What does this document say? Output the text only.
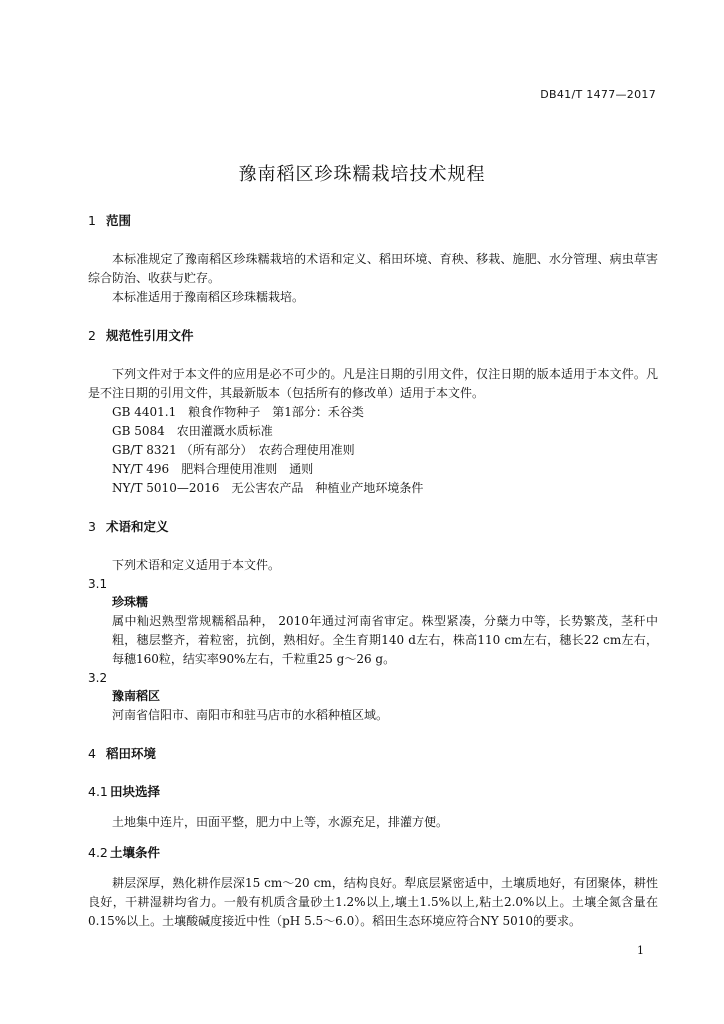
DB41/T 1477—2017
豫南稻区珍珠糯栽培技术规程
1 范围

本标准规定了豫南稻区珍珠糯栽培的术语和定义、稻田环境、育秧、移栽、施肥、水分管理、病虫草害综合防治、收获与贮存。

本标准适用于豫南稻区珍珠糯栽培。

2 规范性引用文件

下列文件对于本文件的应用是必不可少的。凡是注日期的引用文件，仅注日期的版本适用于本文件。凡是不注日期的引用文件，其最新版本（包括所有的修改单）适用于本文件。

GB 4401.1　粮食作物种子　第1部分：禾谷类

GB 5084　农田灌溉水质标准

GB/T 8321 （所有部分）　农药合理使用准则

NY/T 496　肥料合理使用准则　通则

NY/T 5010—2016　无公害农产品　种植业产地环境条件

3 术语和定义

下列术语和定义适用于本文件。

3.1

珍珠糯

属中籼迟熟型常规糯稻品种， 2010年通过河南省审定。株型紧凑，分蘖力中等，长势繁茂，茎秆中粗，穗层整齐，着粒密，抗倒，熟相好。全生育期140 d左右，株高110 cm左右，穗长22 cm左右，每穗160粒，结实率90%左右，千粒重25 g～26 g。

3.2

豫南稻区

河南省信阳市、南阳市和驻马店市的水稻种植区域。

4 稻田环境
4.1 田块选择

土地集中连片，田面平整，肥力中上等，水源充足，排灌方便。

4.2 土壤条件

耕层深厚，熟化耕作层深15 cm～20 cm，结构良好。犁底层紧密适中，土壤质地好，有团聚体，耕性良好，干耕湿耕均省力。一般有机质含量砂土1.2%以上,壤土1.5%以上,粘土2.0%以上。土壤全氮含量在0.15%以上。土壤酸碱度接近中性（pH 5.5～6.0）。稻田生态环境应符合NY 5010的要求。

1
